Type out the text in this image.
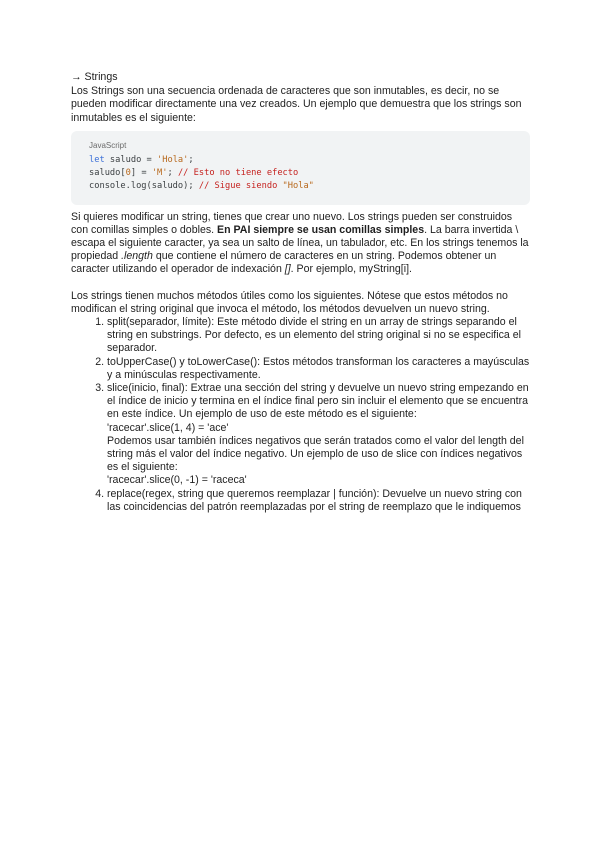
→ Strings

Los Strings son una secuencia ordenada de caracteres que son inmutables, es decir, no se pueden modificar directamente una vez creados. Un ejemplo que demuestra que los strings son inmutables es el siguiente:

JavaScript
let saludo = 'Hola';
saludo[0] = 'M'; // Esto no tiene efecto
console.log(saludo); // Sigue siendo "Hola"

Si quieres modificar un string, tienes que crear uno nuevo. Los strings pueden ser construidos con comillas simples o dobles. En PAI siempre se usan comillas simples. La barra invertida \ escapa el siguiente caracter, ya sea un salto de línea, un tabulador, etc. En los strings tenemos la propiedad .length que contiene el número de caracteres en un string. Podemos obtener un caracter utilizando el operador de indexación []. Por ejemplo, myString[i].

Los strings tienen muchos métodos útiles como los siguientes. Nótese que estos métodos no modifican el string original que invoca el método, los métodos devuelven un nuevo string.

1. split(separador, límite): Este método divide el string en un array de strings separando el string en substrings. Por defecto, es un elemento del string original si no se especifica el separador.
2. toUpperCase() y toLowerCase(): Estos métodos transforman los caracteres a mayúsculas y a minúsculas respectivamente.
3. slice(inicio, final): Extrae una sección del string y devuelve un nuevo string empezando en el índice de inicio y termina en el índice final pero sin incluir el elemento que se encuentra en este índice. Un ejemplo de uso de este método es el siguiente:
'racecar'.slice(1, 4) = 'ace'
Podemos usar también índices negativos que serán tratados como el valor del length del string más el valor del índice negativo. Un ejemplo de uso de slice con índices negativos es el siguiente:
'racecar'.slice(0, -1) = 'raceca'
4. replace(regex, string que queremos reemplazar | función): Devuelve un nuevo string con las coincidencias del patrón reemplazadas por el string de reemplazo que le indiquemos
